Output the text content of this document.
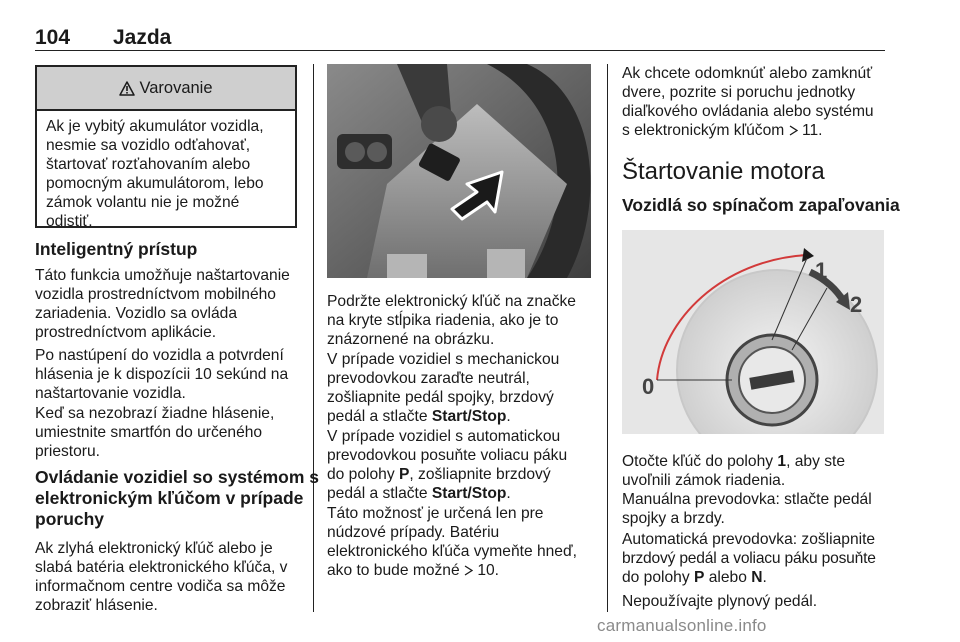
104 Jazda
Varovanie
Ak je vybitý akumulátor vozidla,
nesmie sa vozidlo odťahovať,
štartovať rozťahovaním alebo
pomocným akumulátorom, lebo
zámok volantu nie je možné
odistiť.
Inteligentný prístup
Táto funkcia umožňuje naštartovanie
vozidla prostredníctvom mobilného
zariadenia. Vozidlo sa ovláda
prostredníctvom aplikácie.
Po nastúpení do vozidla a potvrdení
hlásenia je k dispozícii 10 sekúnd na
naštartovanie vozidla.
Keď sa nezobrazí žiadne hlásenie,
umiestnite smartfón do určeného
priestoru.
Ovládanie vozidiel so systémom s
elektronickým kľúčom v prípade
poruchy
Ak zlyhá elektronický kľúč alebo je
slabá batéria elektronického kľúča, v
informačnom centre vodiča sa môže
zobraziť hlásenie.
Podržte elektronický kľúč na značke
na kryte stĺpika riadenia, ako je to
znázornené na obrázku.
V prípade vozidiel s mechanickou
prevodovkou zaraďte neutrál,
zošliapnite pedál spojky, brzdový
pedál a stlačte Start/Stop.
V prípade vozidiel s automatickou
prevodovkou posuňte voliacu páku
do polohy P, zošliapnite brzdový
pedál a stlačte Start/Stop.
Táto možnosť je určená len pre
núdzové prípady. Batériu
elektronického kľúča vymeňte hneď,
ako to bude možné  10.
Ak chcete odomknúť alebo zamknúť
dvere, pozrite si poruchu jednotky
diaľkového ovládania alebo systému
s elektronickým kľúčom  11.
Štartovanie motora
Vozidlá so spínačom zapaľovania
1
2
0
Otočte kľúč do polohy 1, aby ste
uvoľnili zámok riadenia.
Manuálna prevodovka: stlačte pedál
spojky a brzdy.
Automatická prevodovka: zošliapnite
brzdový pedál a voliacu páku posuňte
do polohy P alebo N.
Nepoužívajte plynový pedál.
carmanualsonline.info
